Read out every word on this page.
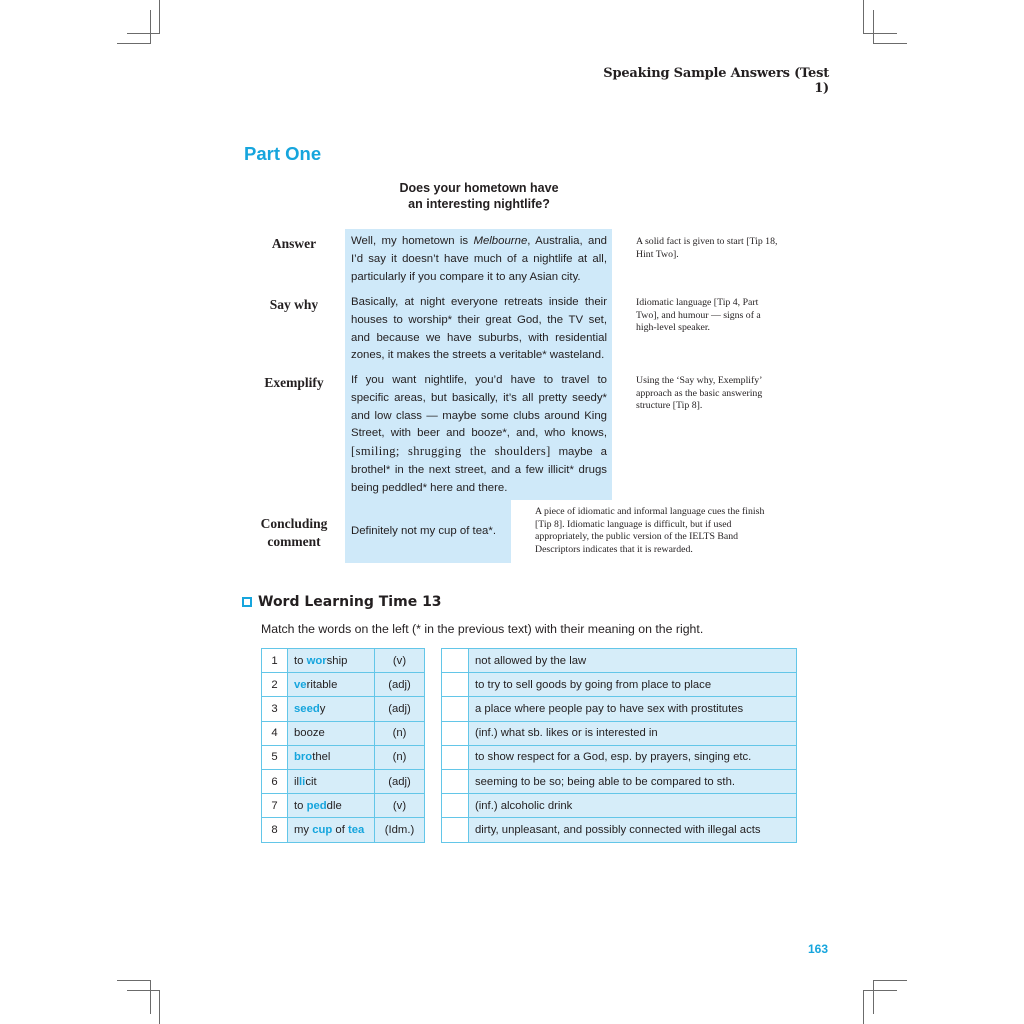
Speaking Sample Answers (Test 1)
Part One
Does your hometown have
an interesting nightlife?
Answer	Well, my hometown is Melbourne, Australia, and I’d say it doesn’t have much of a nightlife at all, particularly if you compare it to any Asian city.
A solid fact is given to start [Tip 18, Hint Two].
Say why	Basically, at night everyone retreats inside their houses to worship* their great God, the TV set, and because we have suburbs, with residential zones, it makes the streets a veritable* wasteland.
Idiomatic language [Tip 4, Part Two], and humour — signs of a high-level speaker.
Exemplify	If you want nightlife, you’d have to travel to specific areas, but basically, it’s all pretty seedy* and low class — maybe some clubs around King Street, with beer and booze*, and, who knows, [smiling; shrugging the shoulders] maybe a brothel* in the next street, and a few illicit* drugs being peddled* here and there.
Using the ‘Say why, Exemplify’ approach as the basic answering structure [Tip 8].
Concluding
comment
Definitely not my cup of tea*.
A piece of idiomatic and informal language cues the finish [Tip 8]. Idiomatic language is difficult, but if used appropriately, the public version of the IELTS Band Descriptors indicates that it is rewarded.
Word Learning Time 13
Match the words on the left (* in the previous text) with their meaning on the right.
1	to worship	(v)
2	veritable	(adj)
3	seedy	(adj)
4	booze	(n)
5	brothel	(n)
6	illicit	(adj)
7	to peddle	(v)
8	my cup of tea	(Idm.)
	not allowed by the law
	to try to sell goods by going from place to place
	a place where people pay to have sex with prostitutes
	(inf.) what sb. likes or is interested in
	to show respect for a God, esp. by prayers, singing etc.
	seeming to be so; being able to be compared to sth.
	(inf.) alcoholic drink
	dirty, unpleasant, and possibly connected with illegal acts
163
